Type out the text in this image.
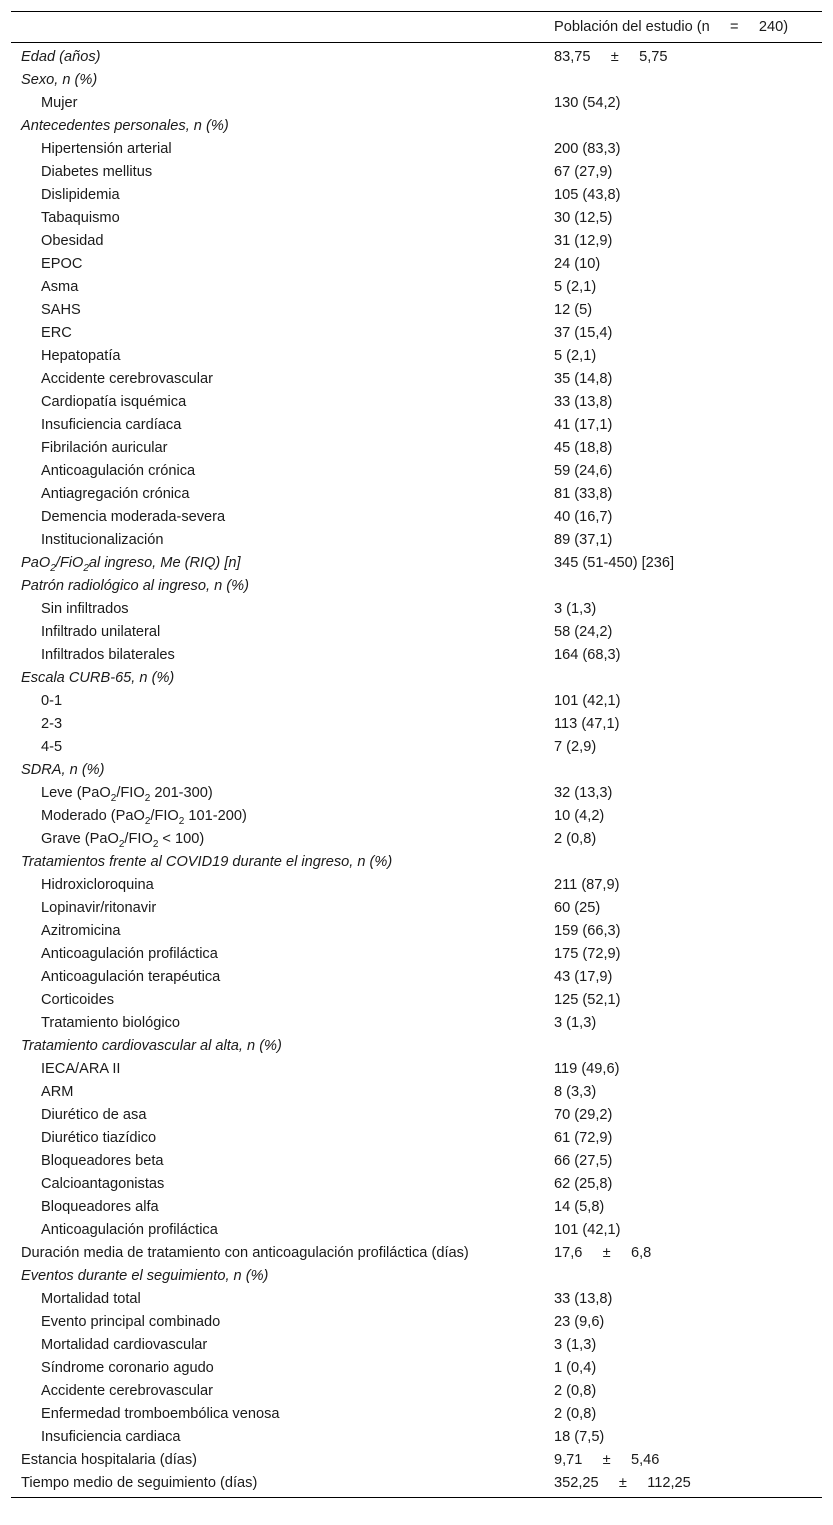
Población del estudio (n     =     240)
Edad (años)	83,75     ±     5,75
Sexo, n (%)
Mujer	130 (54,2)
Antecedentes personales, n (%)
Hipertensión arterial	200 (83,3)
Diabetes mellitus	67 (27,9)
Dislipidemia	105 (43,8)
Tabaquismo	30 (12,5)
Obesidad	31 (12,9)
EPOC	24 (10)
Asma	5 (2,1)
SAHS	12 (5)
ERC	37 (15,4)
Hepatopatía	5 (2,1)
Accidente cerebrovascular	35 (14,8)
Cardiopatía isquémica	33 (13,8)
Insuficiencia cardíaca	41 (17,1)
Fibrilación auricular	45 (18,8)
Anticoagulación crónica	59 (24,6)
Antiagregación crónica	81 (33,8)
Demencia moderada-severa	40 (16,7)
Institucionalización	89 (37,1)
PaO$_2$/FiO$_2$al ingreso, Me (RIQ) [n]	345 (51-450) [236]
Patrón radiológico al ingreso, n (%)
Sin infiltrados	3 (1,3)
Infiltrado unilateral	58 (24,2)
Infiltrados bilaterales	164 (68,3)
Escala CURB-65, n (%)
0-1	101 (42,1)
2-3	113 (47,1)
4-5	7 (2,9)
SDRA, n (%)
Leve ($PaO_2/FIO_2$ 201-300)	32 (13,3)
Moderado ($PaO_2/FIO_2$ 101-200)	10 (4,2)
Grave $(PaO_2/FIO_2 < 100)$	2 (0,8)
Tratamientos frente al COVID19 durante el ingreso, n (%)
Hidroxicloroquina	211 (87,9)
Lopinavir/ritonavir	60 (25)
Azitromicina	159 (66,3)
Anticoagulación profiláctica	175 (72,9)
Anticoagulación terapéutica	43 (17,9)
Corticoides	125 (52,1)
Tratamiento biológico	3 (1,3)
Tratamiento cardiovascular al alta, n (%)
IECA/ARA II	119 (49,6)
ARM	8 (3,3)
Diurético de asa	70 (29,2)
Diurético tiazídico	61 (72,9)
Bloqueadores beta	66 (27,5)
Calcioantagonistas	62 (25,8)
Bloqueadores alfa	14 (5,8)
Anticoagulación profiláctica	101 (42,1)
Duración media de tratamiento con anticoagulación profiláctica (días)	17,6     ±     6,8
Eventos durante el seguimiento, n (%)
Mortalidad total	33 (13,8)
Evento principal combinado	23 (9,6)
Mortalidad cardiovascular	3 (1,3)
Síndrome coronario agudo	1 (0,4)
Accidente cerebrovascular	2 (0,8)
Enfermedad tromboembólica venosa	2 (0,8)
Insuficiencia cardiaca	18 (7,5)
Estancia hospitalaria (días)	9,71     ±     5,46
Tiempo medio de seguimiento (días)	352,25     ±     112,25
